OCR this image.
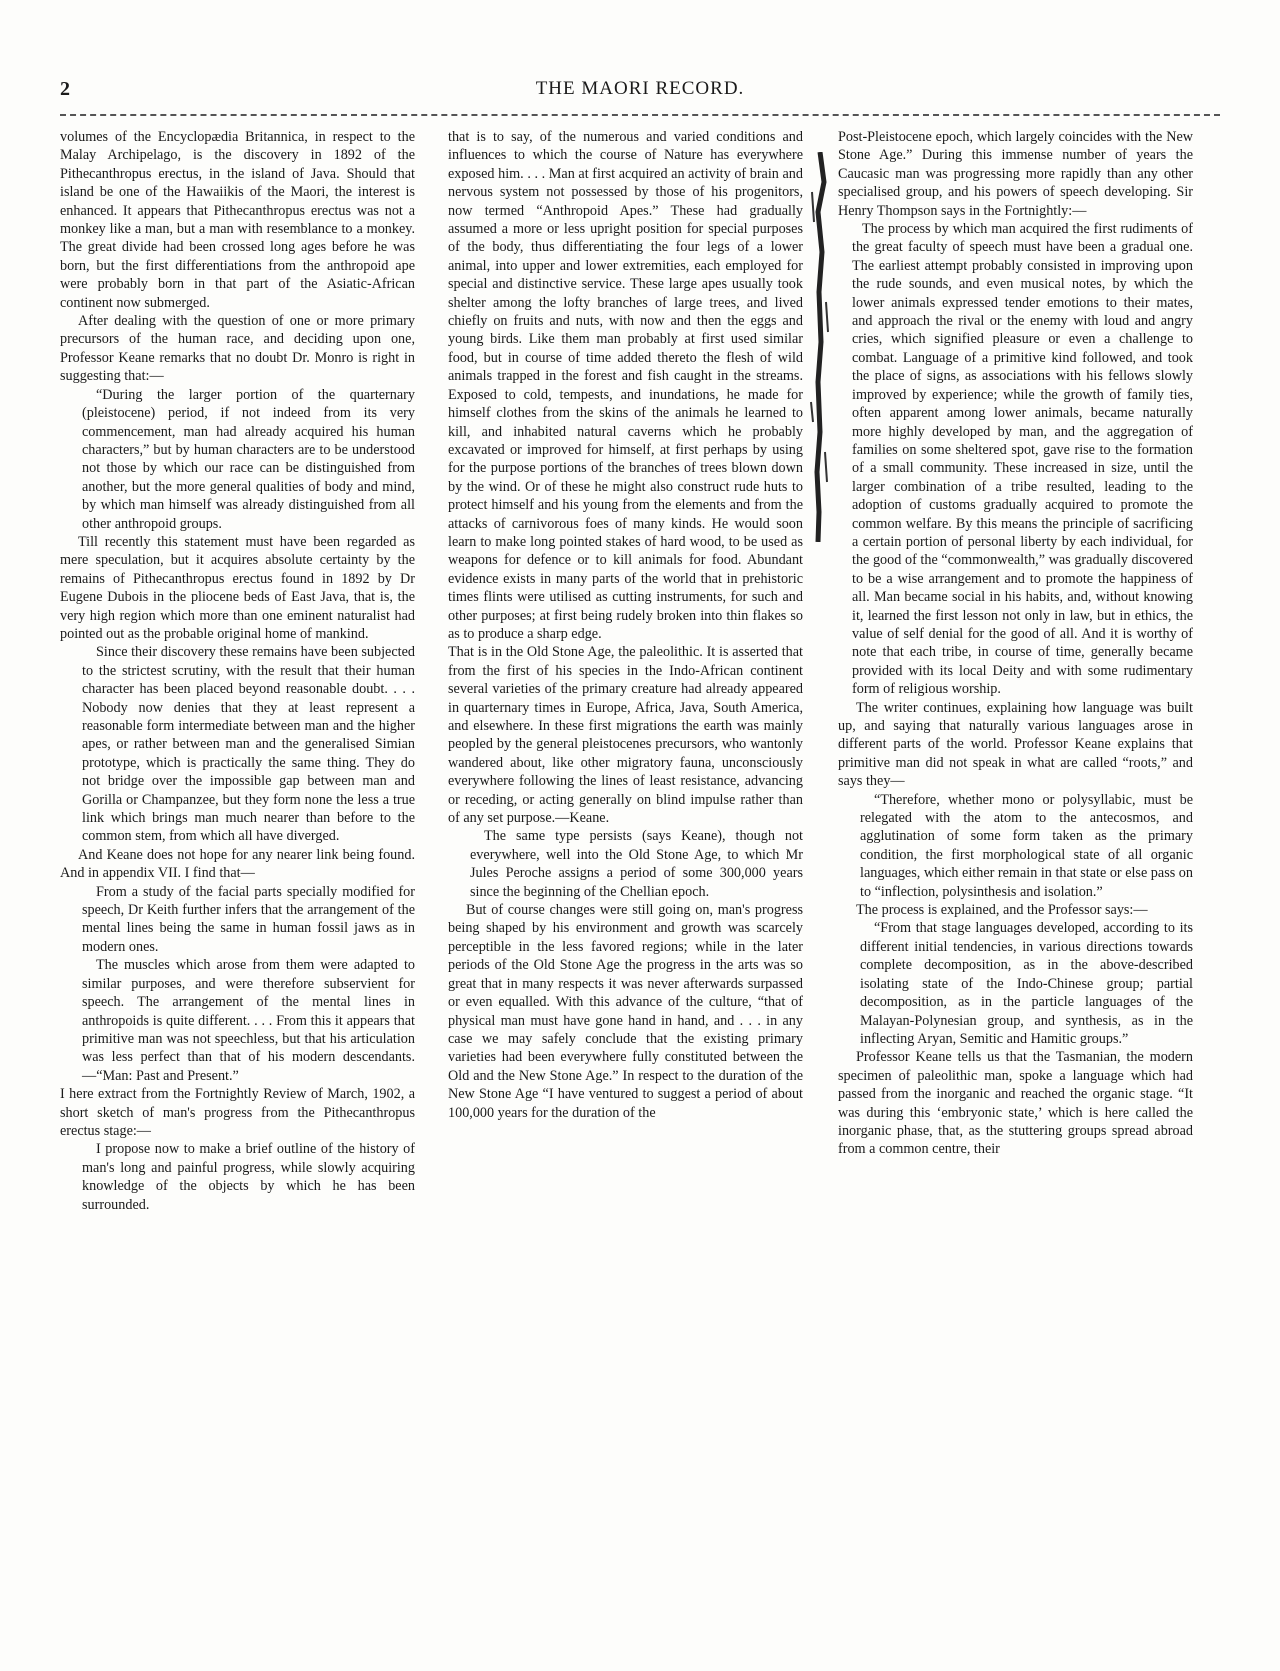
2	THE MAORI RECORD.

volumes of the Encyclopædia Britannica, in respect to the Malay Archipelago, is the discovery in 1892 of the Pithecanthropus erectus, in the island of Java. Should that island be one of the Hawaiikis of the Maori, the interest is enhanced. It appears that Pithecanthropus erectus was not a monkey like a man, but a man with resemblance to a monkey. The great divide had been crossed long ages before he was born, but the first differentiations from the anthropoid ape were probably born in that part of the Asiatic-African continent now submerged.

After dealing with the question of one or more primary precursors of the human race, and deciding upon one, Professor Keane remarks that no doubt Dr. Monro is right in suggesting that:—

“During the larger portion of the quarternary (pleistocene) period, if not indeed from its very commencement, man had already acquired his human characters,” but by human characters are to be understood not those by which our race can be distinguished from another, but the more general qualities of body and mind, by which man himself was already distinguished from all other anthropoid groups.

Till recently this statement must have been regarded as mere speculation, but it acquires absolute certainty by the remains of Pithecanthropus erectus found in 1892 by Dr Eugene Dubois in the pliocene beds of East Java, that is, the very high region which more than one eminent naturalist had pointed out as the probable original home of mankind.

Since their discovery these remains have been subjected to the strictest scrutiny, with the result that their human character has been placed beyond reasonable doubt. . . . Nobody now denies that they at least represent a reasonable form intermediate between man and the higher apes, or rather between man and the generalised Simian prototype, which is practically the same thing. They do not bridge over the impossible gap between man and Gorilla or Champanzee, but they form none the less a true link which brings man much nearer than before to the common stem, from which all have diverged.

And Keane does not hope for any nearer link being found. And in appendix VII. I find that—

From a study of the facial parts specially modified for speech, Dr Keith further infers that the arrangement of the mental lines being the same in human fossil jaws as in modern ones.

The muscles which arose from them were adapted to similar purposes, and were therefore subservient for speech. The arrangement of the mental lines in anthropoids is quite different. . . . From this it appears that primitive man was not speechless, but that his articulation was less perfect than that of his modern descendants.—“Man: Past and Present.”

I here extract from the Fortnightly Review of March, 1902, a short sketch of man's progress from the Pithecanthropus erectus stage:—

I propose now to make a brief outline of the history of man's long and painful progress, while slowly acquiring knowledge of the objects by which he has been surrounded.

that is to say, of the numerous and varied conditions and influences to which the course of Nature has everywhere exposed him. . . . Man at first acquired an activity of brain and nervous system not possessed by those of his progenitors, now termed “Anthropoid Apes.” These had gradually assumed a more or less upright position for special purposes of the body, thus differentiating the four legs of a lower animal, into upper and lower extremities, each employed for special and distinctive service. These large apes usually took shelter among the lofty branches of large trees, and lived chiefly on fruits and nuts, with now and then the eggs and young birds. Like them man probably at first used similar food, but in course of time added thereto the flesh of wild animals trapped in the forest and fish caught in the streams. Exposed to cold, tempests, and inundations, he made for himself clothes from the skins of the animals he learned to kill, and inhabited natural caverns which he probably excavated or improved for himself, at first perhaps by using for the purpose portions of the branches of trees blown down by the wind. Or of these he might also construct rude huts to protect himself and his young from the elements and from the attacks of carnivorous foes of many kinds. He would soon learn to make long pointed stakes of hard wood, to be used as weapons for defence or to kill animals for food. Abundant evidence exists in many parts of the world that in prehistoric times flints were utilised as cutting instruments, for such and other purposes; at first being rudely broken into thin flakes so as to produce a sharp edge.

That is in the Old Stone Age, the paleolithic. It is asserted that from the first of his species in the Indo-African continent several varieties of the primary creature had already appeared in quarternary times in Europe, Africa, Java, South America, and elsewhere. In these first migrations the earth was mainly peopled by the general pleistocenes precursors, who wantonly wandered about, like other migratory fauna, unconsciously everywhere following the lines of least resistance, advancing or receding, or acting generally on blind impulse rather than of any set purpose.—Keane.

The same type persists (says Keane), though not everywhere, well into the Old Stone Age, to which Mr Jules Peroche assigns a period of some 300,000 years since the beginning of the Chellian epoch.

But of course changes were still going on, man's progress being shaped by his environment and growth was scarcely perceptible in the less favored regions; while in the later periods of the Old Stone Age the progress in the arts was so great that in many respects it was never afterwards surpassed or even equalled. With this advance of the culture, “that of physical man must have gone hand in hand, and . . . in any case we may safely conclude that the existing primary varieties had been everywhere fully constituted between the Old and the New Stone Age.” In respect to the duration of the New Stone Age “I have ventured to suggest a period of about 100,000 years for the duration of the

Post-Pleistocene epoch, which largely coincides with the New Stone Age.” During this immense number of years the Caucasic man was progressing more rapidly than any other specialised group, and his powers of speech developing. Sir Henry Thompson says in the Fortnightly:—

The process by which man acquired the first rudiments of the great faculty of speech must have been a gradual one. The earliest attempt probably consisted in improving upon the rude sounds, and even musical notes, by which the lower animals expressed tender emotions to their mates, and approach the rival or the enemy with loud and angry cries, which signified pleasure or even a challenge to combat. Language of a primitive kind followed, and took the place of signs, as associations with his fellows slowly improved by experience; while the growth of family ties, often apparent among lower animals, became naturally more highly developed by man, and the aggregation of families on some sheltered spot, gave rise to the formation of a small community. These increased in size, until the larger combination of a tribe resulted, leading to the adoption of customs gradually acquired to promote the common welfare. By this means the principle of sacrificing a certain portion of personal liberty by each individual, for the good of the “commonwealth,” was gradually discovered to be a wise arrangement and to promote the happiness of all. Man became social in his habits, and, without knowing it, learned the first lesson not only in law, but in ethics, the value of self denial for the good of all. And it is worthy of note that each tribe, in course of time, generally became provided with its local Deity and with some rudimentary form of religious worship.

The writer continues, explaining how language was built up, and saying that naturally various languages arose in different parts of the world. Professor Keane explains that primitive man did not speak in what are called “roots,” and says they—

“Therefore, whether mono or polysyllabic, must be relegated with the atom to the antecosmos, and agglutination of some form taken as the primary condition, the first morphological state of all organic languages, which either remain in that state or else pass on to “inflection, polysinthesis and isolation.”

The process is explained, and the Professor says:—

“From that stage languages developed, according to its different initial tendencies, in various directions towards complete decomposition, as in the above-described isolating state of the Indo-Chinese group; partial decomposition, as in the particle languages of the Malayan-Polynesian group, and synthesis, as in the inflecting Aryan, Semitic and Hamitic groups.”

Professor Keane tells us that the Tasmanian, the modern specimen of paleolithic man, spoke a language which had passed from the inorganic and reached the organic stage. “It was during this ‘embryonic state,’ which is here called the inorganic phase, that, as the stuttering groups spread abroad from a common centre, their
